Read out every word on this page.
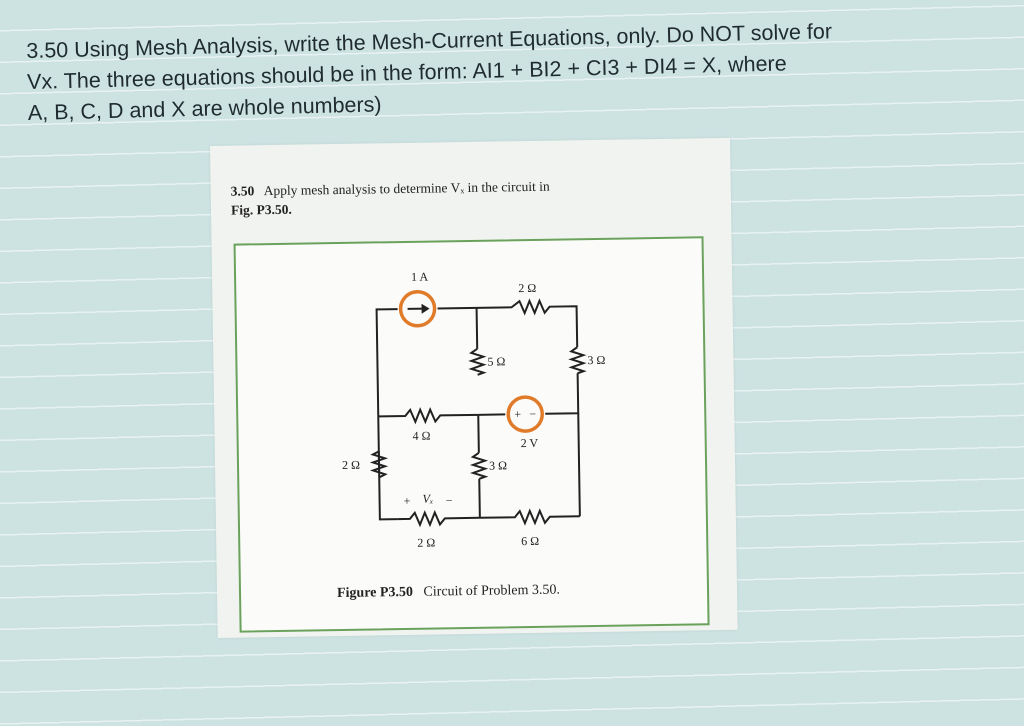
3.50 Using Mesh Analysis, write the Mesh-Current Equations, only. Do NOT solve for
Vx. The three equations should be in the form: AI1 + BI2 + CI3 + DI4 = X, where
A, B, C, D and X are whole numbers)

3.50 Apply mesh analysis to determine Vₓ in the circuit in
Fig. P3.50.

+ −
1 A
2 Ω
5 Ω	3 Ω
4 Ω
2 V
2 Ω	3 Ω
+ Vₓ −
2 Ω	6 Ω

Figure P3.50 Circuit of Problem 3.50.
